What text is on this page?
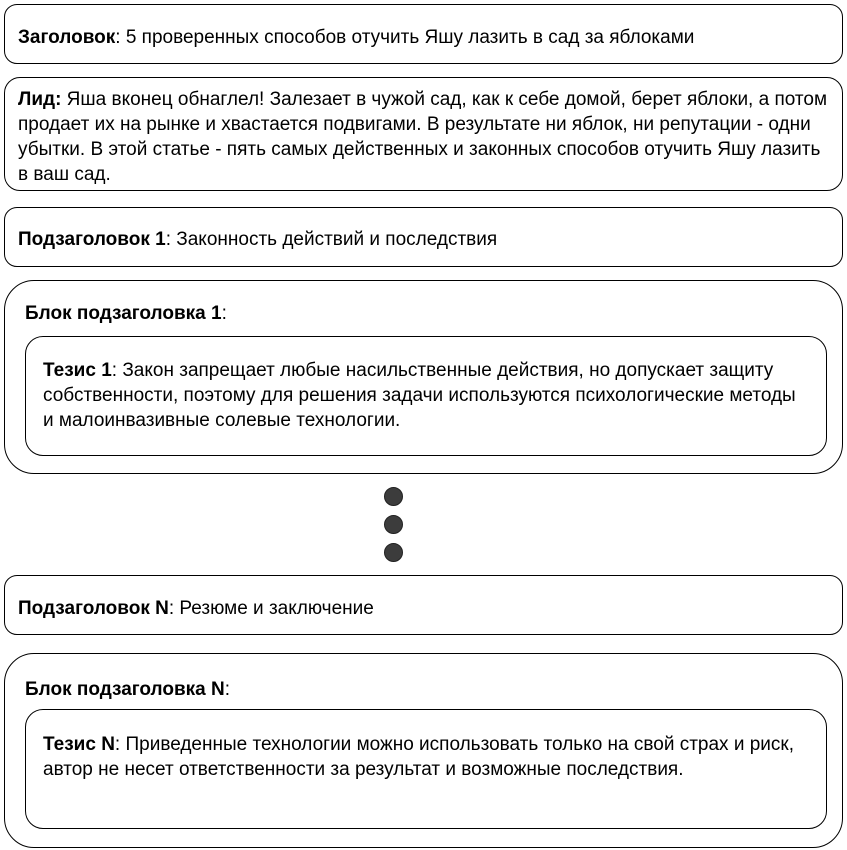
Заголовок: 5 проверенных способов отучить Яшу лазить в сад за яблоками
Лид: Яша вконец обнаглел! Залезает в чужой сад, как к себе домой, берет яблоки, а потом продает их на рынке и хвастается подвигами. В результате ни яблок, ни репутации - одни убытки. В этой статье - пять самых действенных и законных способов отучить Яшу лазить в ваш сад.
Подзаголовок 1: Законность действий и последствия
Блок подзаголовка 1:
Тезис 1: Закон запрещает любые насильственные действия, но допускает защиту собственности, поэтому для решения задачи используются психологические методы и малоинвазивные солевые технологии.
Подзаголовок N: Резюме и заключение
Блок подзаголовка N:
Тезис N: Приведенные технологии можно использовать только на свой страх и риск, автор не несет ответственности за результат и возможные последствия.
